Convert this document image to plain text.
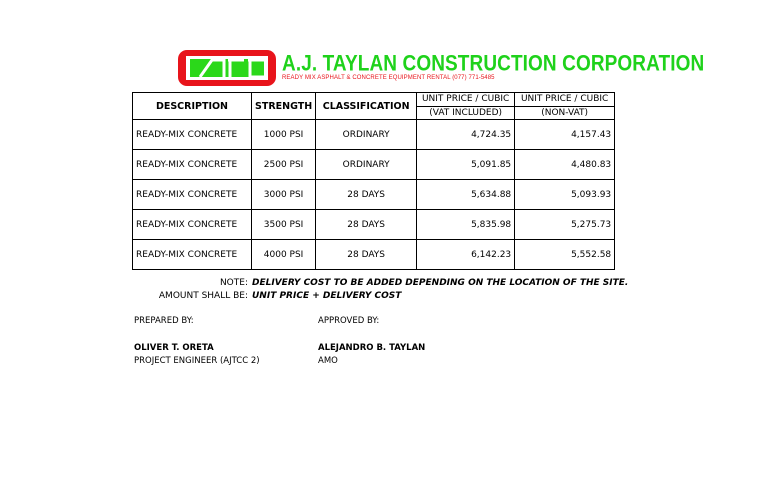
A.J. TAYLAN CONSTRUCTION CORPORATION
READY MIX ASPHALT & CONCRETE EQUIPMENT RENTAL (077) 771-5485
DESCRIPTION	STRENGTH	CLASSIFICATION	UNIT PRICE / CUBIC	UNIT PRICE / CUBIC
			(VAT INCLUDED)	(NON-VAT)
READY-MIX CONCRETE	1000 PSI	ORDINARY	4,724.35	4,157.43
READY-MIX CONCRETE	2500 PSI	ORDINARY	5,091.85	4,480.83
READY-MIX CONCRETE	3000 PSI	28 DAYS	5,634.88	5,093.93
READY-MIX CONCRETE	3500 PSI	28 DAYS	5,835.98	5,275.73
READY-MIX CONCRETE	4000 PSI	28 DAYS	6,142.23	5,552.58
NOTE: DELIVERY COST TO BE ADDED DEPENDING ON THE LOCATION OF THE SITE.
AMOUNT SHALL BE: UNIT PRICE + DELIVERY COST
PREPARED BY:	APPROVED BY:
OLIVER T. ORETA
PROJECT ENGINEER (AJTCC 2)
ALEJANDRO B. TAYLAN
AMO
